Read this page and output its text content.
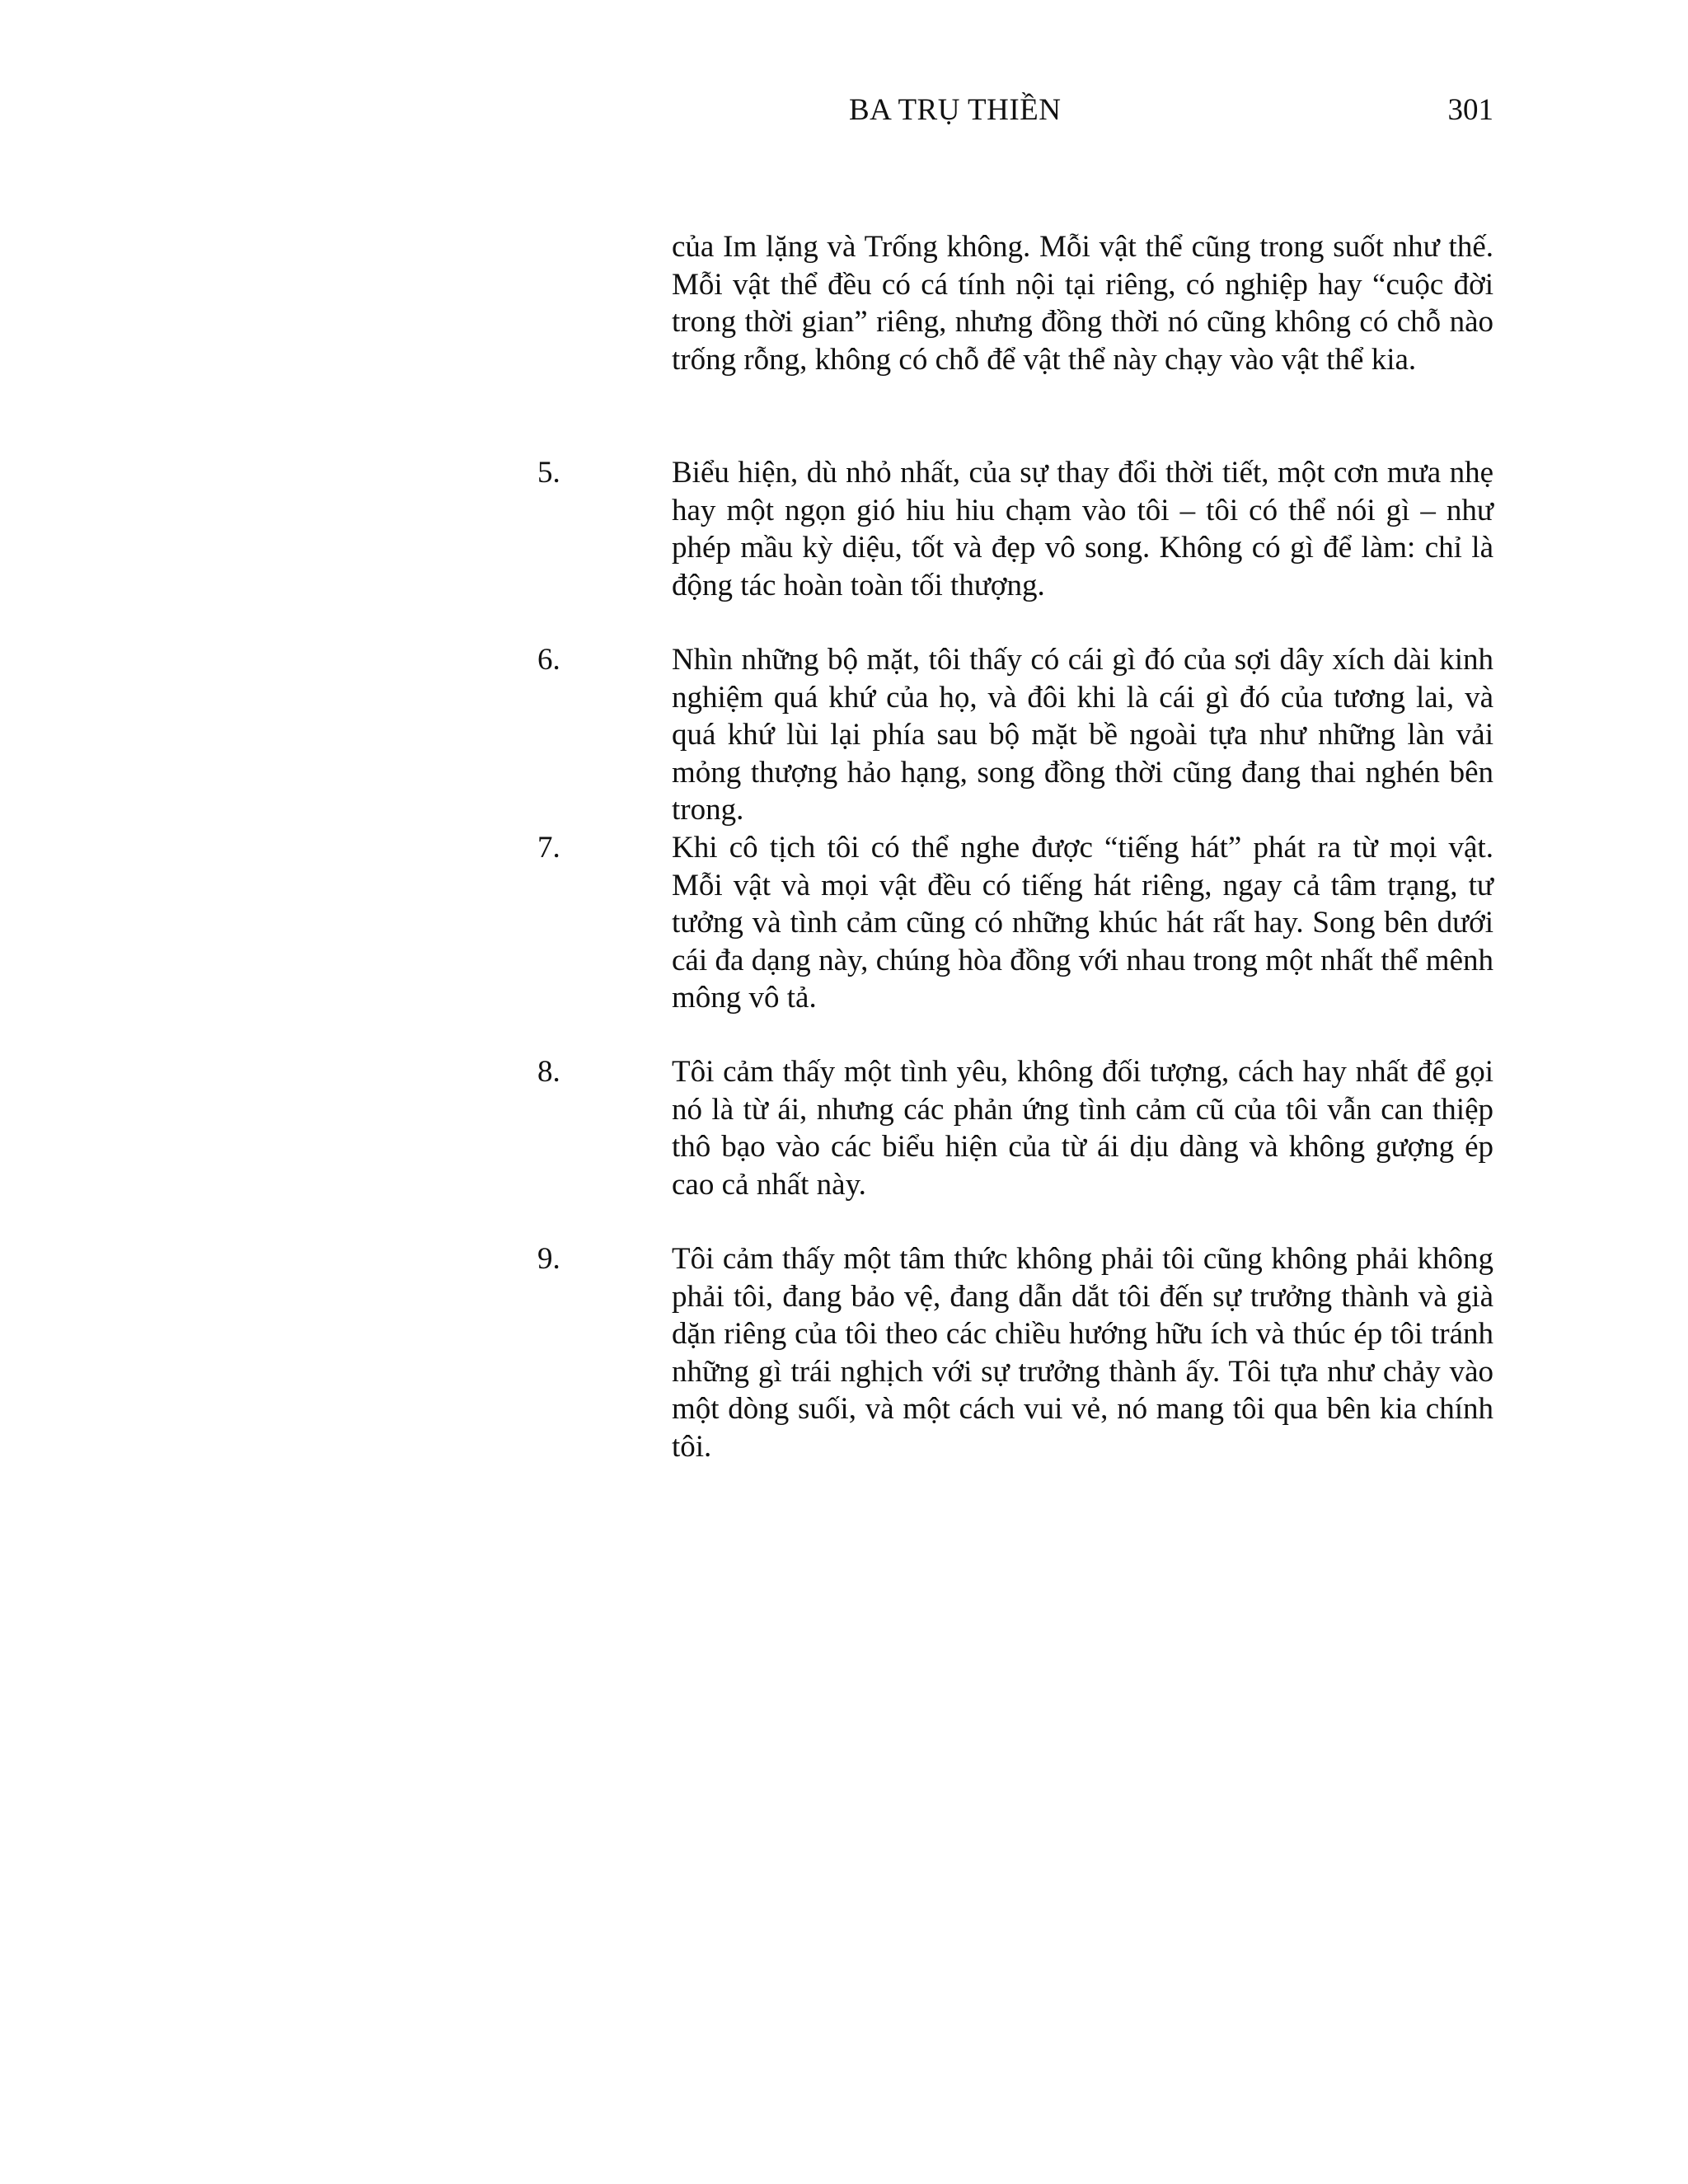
BA TRỤ THIỀN	301
của Im lặng và Trống không. Mỗi vật thể cũng trong suốt như thế. Mỗi vật thể đều có cá tính nội tại riêng, có nghiệp hay “cuộc đời trong thời gian” riêng, nhưng đồng thời nó cũng không có chỗ nào trống rỗng, không có chỗ để vật thể này chạy vào vật thể kia.
5.	Biểu hiện, dù nhỏ nhất, của sự thay đổi thời tiết, một cơn mưa nhẹ hay một ngọn gió hiu hiu chạm vào tôi – tôi có thể nói gì – như phép mầu kỳ diệu, tốt và đẹp vô song. Không có gì để làm: chỉ là động tác hoàn toàn tối thượng.
6.	Nhìn những bộ mặt, tôi thấy có cái gì đó của sợi dây xích dài kinh nghiệm quá khứ của họ, và đôi khi là cái gì đó của tương lai, và quá khứ lùi lại phía sau bộ mặt bề ngoài tựa như những làn vải mỏng thượng hảo hạng, song đồng thời cũng đang thai nghén bên trong.
7.	Khi cô tịch tôi có thể nghe được “tiếng hát” phát ra từ mọi vật. Mỗi vật và mọi vật đều có tiếng hát riêng, ngay cả tâm trạng, tư tưởng và tình cảm cũng có những khúc hát rất hay. Song bên dưới cái đa dạng này, chúng hòa đồng với nhau trong một nhất thể mênh mông vô tả.
8.	Tôi cảm thấy một tình yêu, không đối tượng, cách hay nhất để gọi nó là từ ái, nhưng các phản ứng tình cảm cũ của tôi vẫn can thiệp thô bạo vào các biểu hiện của từ ái dịu dàng và không gượng ép cao cả nhất này.
9.	Tôi cảm thấy một tâm thức không phải tôi cũng không phải không phải tôi, đang bảo vệ, đang dẫn dắt tôi đến sự trưởng thành và già dặn riêng của tôi theo các chiều hướng hữu ích và thúc ép tôi tránh những gì trái nghịch với sự trưởng thành ấy. Tôi tựa như chảy vào một dòng suối, và một cách vui vẻ, nó mang tôi qua bên kia chính tôi.
